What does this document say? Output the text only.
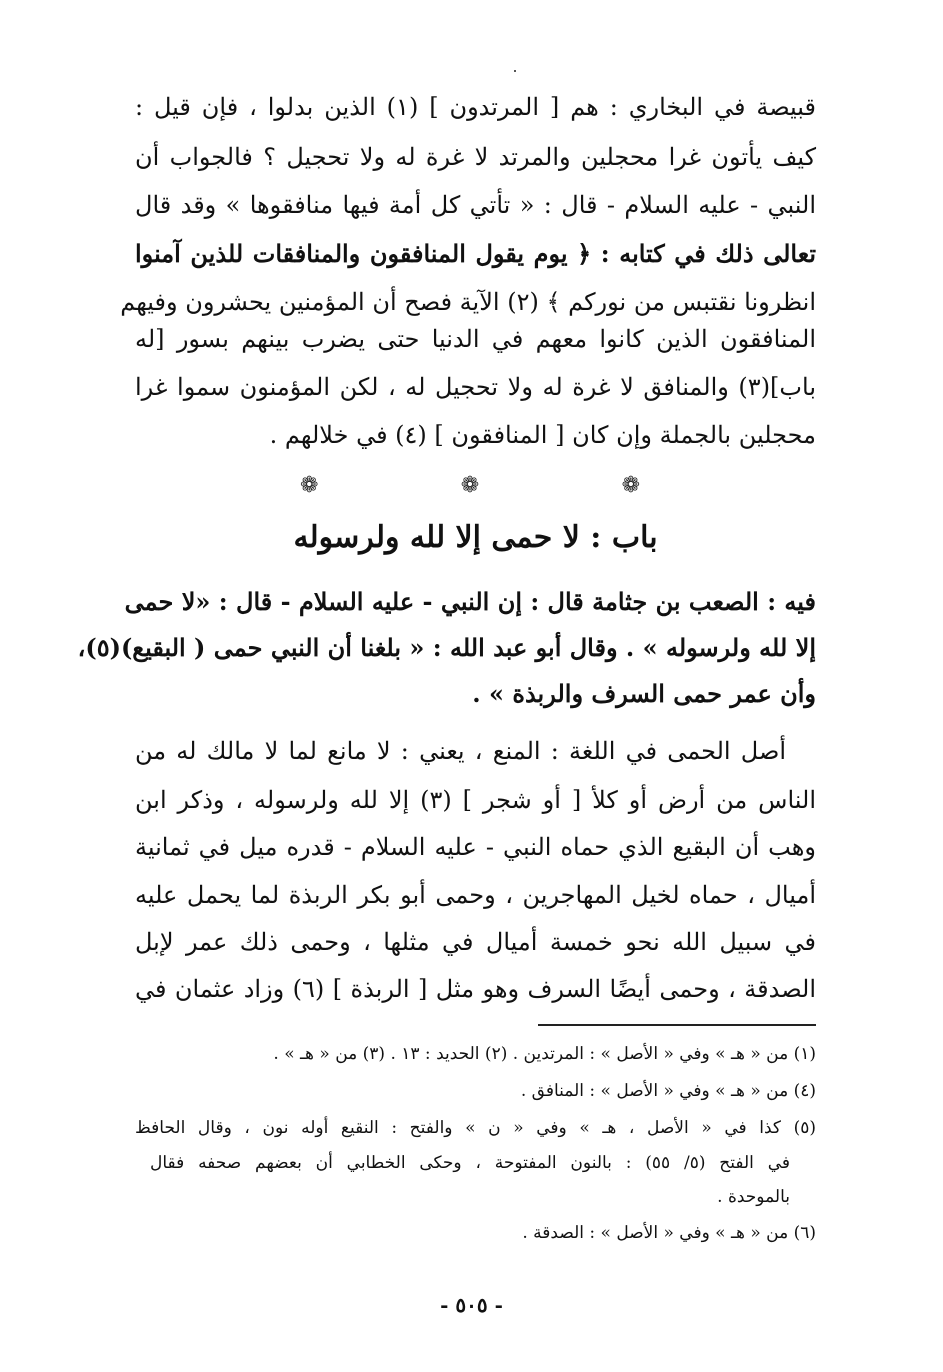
قبيصة في البخاري : هم [ المرتدون ] (١) الذين بدلوا ، فإن قيل :
كيف يأتون غرا محجلين والمرتد لا غرة له ولا تحجيل ؟ فالجواب أن
النبي - عليه السلام - قال : « تأتي كل أمة فيها منافقوها » وقد قال
تعالى ذلك في كتابه : ﴿ يوم يقول المنافقون والمنافقات للذين آمنوا
انظرونا نقتبس من نوركم ﴾ (٢) الآية فصح أن المؤمنين يحشرون وفيهم
المنافقون الذين كانوا معهم في الدنيا حتى يضرب بينهم بسور [له
باب](٣) والمنافق لا غرة له ولا تحجيل له ، لكن المؤمنون سموا غرا
محجلين بالجملة وإن كان [ المنافقون ] (٤) في خلالهم .
❁	❁	❁
باب : لا حمى إلا لله ولرسوله
فيه : الصعب بن جثامة قال : إن النبي - عليه السلام - قال : «لا حمى
إلا لله ولرسوله » . وقال أبو عبد الله : « بلغنا أن النبي حمى ( البقيع)(٥)،
وأن عمر حمى السرف والربذة » .
أصل الحمى في اللغة : المنع ، يعني : لا مانع لما لا مالك له من
الناس من أرض أو كلأ [ أو شجر ] (٣) إلا لله ولرسوله ، وذكر ابن
وهب أن البقيع الذي حماه النبي - عليه السلام - قدره ميل في ثمانية
أميال ، حماه لخيل المهاجرين ، وحمى أبو بكر الربذة لما يحمل عليه
في سبيل الله نحو خمسة أميال في مثلها ، وحمى ذلك عمر لإبل
الصدقة ، وحمى أيضًا السرف وهو مثل [ الربذة ] (٦) وزاد عثمان في
(١) من « هـ » وفي « الأصل » : المرتدين . (٢) الحديد : ١٣ . (٣) من « هـ » .
(٤) من « هـ » وفي « الأصل » : المنافق .
(٥) كذا في « الأصل ، هـ » وفي « ن » والفتح : النقيع أوله نون ، وقال الحافظ
في الفتح (٥/ ٥٥) : بالنون المفتوحة ، وحكى الخطابي أن بعضهم صحفه فقال
بالموحدة .
(٦) من « هـ » وفي « الأصل » : الصدقة .
- ٥٠٥ -
